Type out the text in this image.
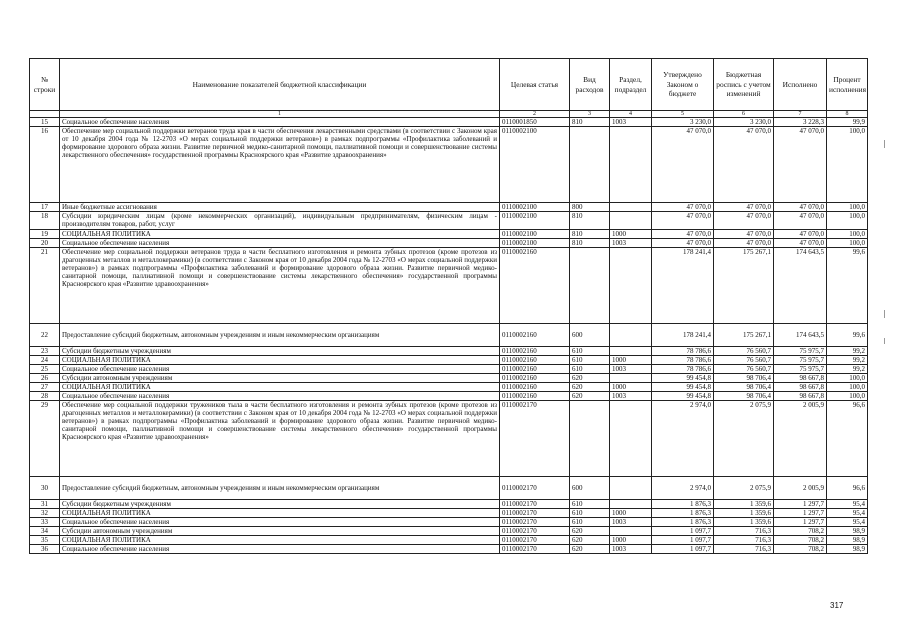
№ строки	Наименование показателей бюджетной классификации	Целевая статья	Вид расходов	Раздел, подраздел	Утверждено Законом о бюджете	Бюджетная роспись с учетом изменений	Исполнено	Процент исполнения
	1	2	3	4	5	6	7	8
15	Социальное обеспечение населения	0110001850	810	1003	3 230,0	3 230,0	3 228,3	99,9
16	Обеспечение мер социальной поддержки ветеранов труда края в части обеспечения лекарственными средствами (в соответствии с Законом края от 10 декабря 2004 года № 12-2703 «О мерах социальной поддержки ветеранов») в рамках подпрограммы «Профилактика заболеваний и формирование здорового образа жизни. Развитие первичной медико-санитарной помощи, паллиативной помощи и совершенствование системы лекарственного обеспечения» государственной программы Красноярского края «Развитие здравоохранения»	0110002100			47 070,0	47 070,0	47 070,0	100,0
17	Иные бюджетные ассигнования	0110002100	800		47 070,0	47 070,0	47 070,0	100,0
18	Субсидии юридическим лицам (кроме некоммерческих организаций), индивидуальным предпринимателям, физическим лицам - производителям товаров, работ, услуг	0110002100	810		47 070,0	47 070,0	47 070,0	100,0
19	СОЦИАЛЬНАЯ ПОЛИТИКА	0110002100	810	1000	47 070,0	47 070,0	47 070,0	100,0
20	Социальное обеспечение населения	0110002100	810	1003	47 070,0	47 070,0	47 070,0	100,0
21	Обеспечение мер социальной поддержки ветеранов труда в части бесплатного изготовления и ремонта зубных протезов (кроме протезов из драгоценных металлов и металлокерамики) (в соответствии с Законом края от 10 декабря 2004 года № 12-2703 «О мерах социальной поддержки ветеранов») в рамках подпрограммы «Профилактика заболеваний и формирование здорового образа жизни. Развитие первичной медико-санитарной помощи, паллиативной помощи и совершенствование системы лекарственного обеспечения» государственной программы Красноярского края «Развитие здравоохранения»	0110002160			178 241,4	175 267,1	174 643,5	99,6
22	Предоставление субсидий бюджетным, автономным учреждениям и иным некоммерческим организациям	0110002160	600		178 241,4	175 267,1	174 643,5	99,6
23	Субсидии бюджетным учреждениям	0110002160	610		78 786,6	76 560,7	75 975,7	99,2
24	СОЦИАЛЬНАЯ ПОЛИТИКА	0110002160	610	1000	78 786,6	76 560,7	75 975,7	99,2
25	Социальное обеспечение населения	0110002160	610	1003	78 786,6	76 560,7	75 975,7	99,2
26	Субсидии автономным учреждениям	0110002160	620		99 454,8	98 706,4	98 667,8	100,0
27	СОЦИАЛЬНАЯ ПОЛИТИКА	0110002160	620	1000	99 454,8	98 706,4	98 667,8	100,0
28	Социальное обеспечение населения	0110002160	620	1003	99 454,8	98 706,4	98 667,8	100,0
29	Обеспечение мер социальной поддержки тружеников тыла в части бесплатного изготовления и ремонта зубных протезов (кроме протезов из драгоценных металлов и металлокерамики) (в соответствии с Законом края от 10 декабря 2004 года № 12-2703 «О мерах социальной поддержки ветеранов») в рамках подпрограммы «Профилактика заболеваний и формирование здорового образа жизни. Развитие первичной медико-санитарной помощи, паллиативной помощи и совершенствование системы лекарственного обеспечения» государственной программы Красноярского края «Развитие здравоохранения»	0110002170			2 974,0	2 075,9	2 005,9	96,6
30	Предоставление субсидий бюджетным, автономным учреждениям и иным некоммерческим организациям	0110002170	600		2 974,0	2 075,9	2 005,9	96,6
31	Субсидии бюджетным учреждениям	0110002170	610		1 876,3	1 359,6	1 297,7	95,4
32	СОЦИАЛЬНАЯ ПОЛИТИКА	0110002170	610	1000	1 876,3	1 359,6	1 297,7	95,4
33	Социальное обеспечение населения	0110002170	610	1003	1 876,3	1 359,6	1 297,7	95,4
34	Субсидии автономным учреждениям	0110002170	620		1 097,7	716,3	708,2	98,9
35	СОЦИАЛЬНАЯ ПОЛИТИКА	0110002170	620	1000	1 097,7	716,3	708,2	98,9
36	Социальное обеспечение населения	0110002170	620	1003	1 097,7	716,3	708,2	98,9
317
